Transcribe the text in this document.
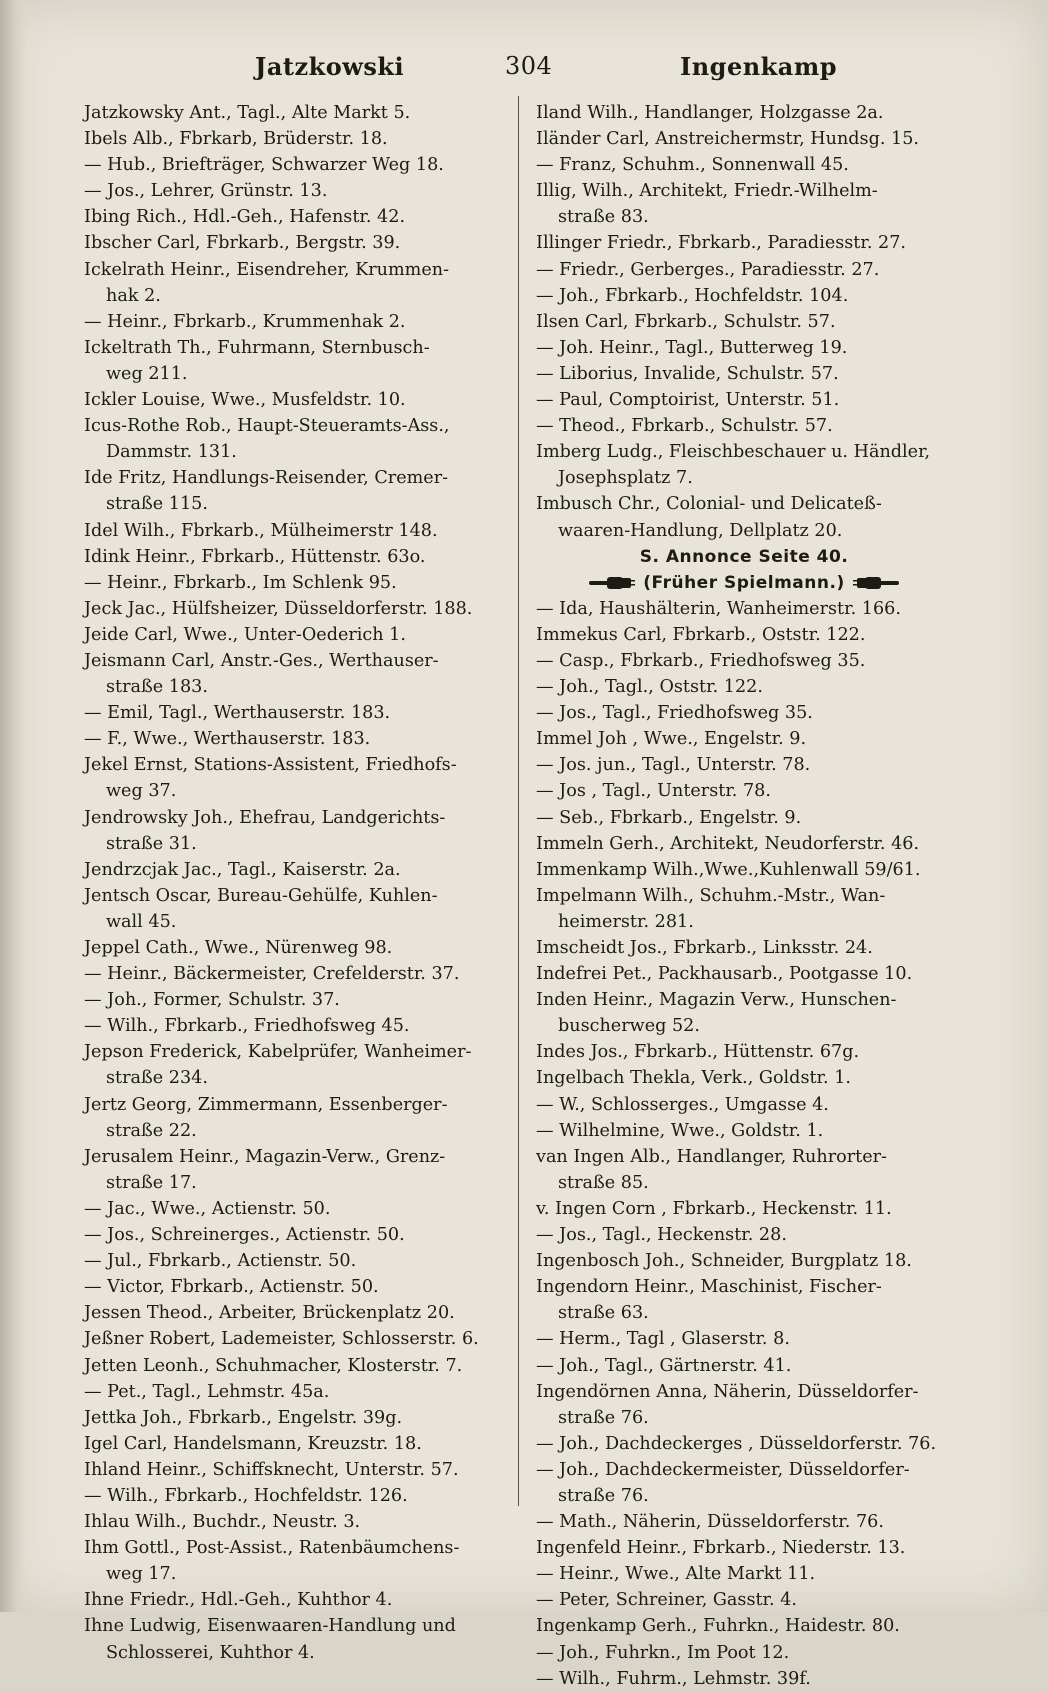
Jatzkowski	304	Ingenkamp
Jatzkowsky Ant., Tagl., Alte Markt 5.
Ibels Alb., Fbrkarb, Brüderstr. 18.
— Hub., Briefträger, Schwarzer Weg 18.
— Jos., Lehrer, Grünstr. 13.
Ibing Rich., Hdl.-Geh., Hafenstr. 42.
Ibscher Carl, Fbrkarb., Bergstr. 39.
Ickelrath Heinr., Eisendreher, Krummen-
hak 2.
— Heinr., Fbrkarb., Krummenhak 2.
Ickeltrath Th., Fuhrmann, Sternbusch-
weg 211.
Ickler Louise, Wwe., Musfeldstr. 10.
Icus-Rothe Rob., Haupt-Steueramts-Ass.,
Dammstr. 131.
Ide Fritz, Handlungs-Reisender, Cremer-
straße 115.
Idel Wilh., Fbrkarb., Mülheimerstr 148.
Idink Heinr., Fbrkarb., Hüttenstr. 63o.
— Heinr., Fbrkarb., Im Schlenk 95.
Jeck Jac., Hülfsheizer, Düsseldorferstr. 188.
Jeide Carl, Wwe., Unter-Oederich 1.
Jeismann Carl, Anstr.-Ges., Werthauser-
straße 183.
— Emil, Tagl., Werthauserstr. 183.
— F., Wwe., Werthauserstr. 183.
Jekel Ernst, Stations-Assistent, Friedhofs-
weg 37.
Jendrowsky Joh., Ehefrau, Landgerichts-
straße 31.
Jendrzcjak Jac., Tagl., Kaiserstr. 2a.
Jentsch Oscar, Bureau-Gehülfe, Kuhlen-
wall 45.
Jeppel Cath., Wwe., Nürenweg 98.
— Heinr., Bäckermeister, Crefelderstr. 37.
— Joh., Former, Schulstr. 37.
— Wilh., Fbrkarb., Friedhofsweg 45.
Jepson Frederick, Kabelprüfer, Wanheimer-
straße 234.
Jertz Georg, Zimmermann, Essenberger-
straße 22.
Jerusalem Heinr., Magazin-Verw., Grenz-
straße 17.
— Jac., Wwe., Actienstr. 50.
— Jos., Schreinerges., Actienstr. 50.
— Jul., Fbrkarb., Actienstr. 50.
— Victor, Fbrkarb., Actienstr. 50.
Jessen Theod., Arbeiter, Brückenplatz 20.
Jeßner Robert, Lademeister, Schlosserstr. 6.
Jetten Leonh., Schuhmacher, Klosterstr. 7.
— Pet., Tagl., Lehmstr. 45a.
Jettka Joh., Fbrkarb., Engelstr. 39g.
Igel Carl, Handelsmann, Kreuzstr. 18.
Ihland Heinr., Schiffsknecht, Unterstr. 57.
— Wilh., Fbrkarb., Hochfeldstr. 126.
Ihlau Wilh., Buchdr., Neustr. 3.
Ihm Gottl., Post-Assist., Ratenbäumchens-
weg 17.
Ihne Friedr., Hdl.-Geh., Kuhthor 4.
Ihne Ludwig, Eisenwaaren-Handlung und
Schlosserei, Kuhthor 4.
Iland Wilh., Handlanger, Holzgasse 2a.
Iländer Carl, Anstreichermstr, Hundsg. 15.
— Franz, Schuhm., Sonnenwall 45.
Illig, Wilh., Architekt, Friedr.-Wilhelm-
straße 83.
Illinger Friedr., Fbrkarb., Paradiesstr. 27.
— Friedr., Gerberges., Paradiesstr. 27.
— Joh., Fbrkarb., Hochfeldstr. 104.
Ilsen Carl, Fbrkarb., Schulstr. 57.
— Joh. Heinr., Tagl., Butterweg 19.
— Liborius, Invalide, Schulstr. 57.
— Paul, Comptoirist, Unterstr. 51.
— Theod., Fbrkarb., Schulstr. 57.
Imberg Ludg., Fleischbeschauer u. Händler,
Josephsplatz 7.
Imbusch Chr., Colonial- und Delicateß-
waaren-Handlung, Dellplatz 20.
S. Annonce Seite 40.
(Früher Spielmann.)
— Ida, Haushälterin, Wanheimerstr. 166.
Immekus Carl, Fbrkarb., Oststr. 122.
— Casp., Fbrkarb., Friedhofsweg 35.
— Joh., Tagl., Oststr. 122.
— Jos., Tagl., Friedhofsweg 35.
Immel Joh , Wwe., Engelstr. 9.
— Jos. jun., Tagl., Unterstr. 78.
— Jos , Tagl., Unterstr. 78.
— Seb., Fbrkarb., Engelstr. 9.
Immeln Gerh., Architekt, Neudorferstr. 46.
Immenkamp Wilh.,Wwe.,Kuhlenwall 59/61.
Impelmann Wilh., Schuhm.-Mstr., Wan-
heimerstr. 281.
Imscheidt Jos., Fbrkarb., Linksstr. 24.
Indefrei Pet., Packhausarb., Pootgasse 10.
Inden Heinr., Magazin Verw., Hunschen-
buscherweg 52.
Indes Jos., Fbrkarb., Hüttenstr. 67g.
Ingelbach Thekla, Verk., Goldstr. 1.
— W., Schlosserges., Umgasse 4.
— Wilhelmine, Wwe., Goldstr. 1.
van Ingen Alb., Handlanger, Ruhrorter-
straße 85.
v. Ingen Corn , Fbrkarb., Heckenstr. 11.
— Jos., Tagl., Heckenstr. 28.
Ingenbosch Joh., Schneider, Burgplatz 18.
Ingendorn Heinr., Maschinist, Fischer-
straße 63.
— Herm., Tagl , Glaserstr. 8.
— Joh., Tagl., Gärtnerstr. 41.
Ingendörnen Anna, Näherin, Düsseldorfer-
straße 76.
— Joh., Dachdeckerges , Düsseldorferstr. 76.
— Joh., Dachdeckermeister, Düsseldorfer-
straße 76.
— Math., Näherin, Düsseldorferstr. 76.
Ingenfeld Heinr., Fbrkarb., Niederstr. 13.
— Heinr., Wwe., Alte Markt 11.
— Peter, Schreiner, Gasstr. 4.
Ingenkamp Gerh., Fuhrkn., Haidestr. 80.
— Joh., Fuhrkn., Im Poot 12.
— Wilh., Fuhrm., Lehmstr. 39f.
